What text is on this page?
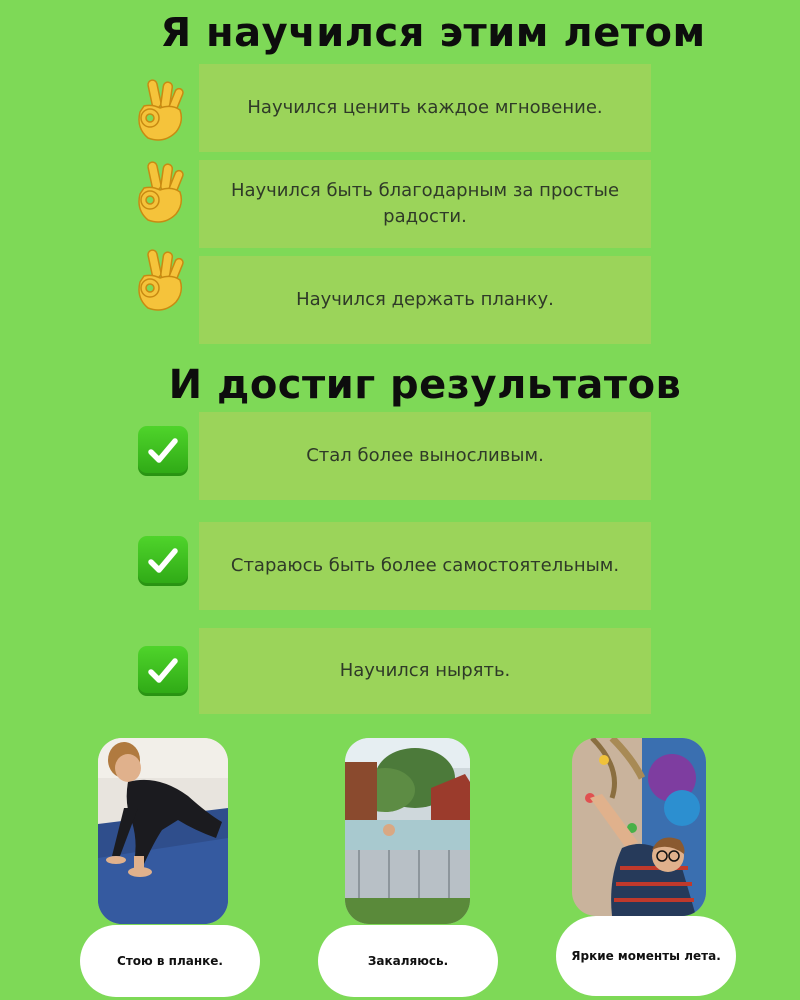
Я научился этим летом
И достиг результатов
Научился ценить каждое мгновение.
Научился быть благодарным за простые радости.
Научился держать планку.
Стал более выносливым.
Стараюсь быть более самостоятельным.
Научился нырять.
Стою в планке.	Закаляюсь.	Яркие моменты лета.
